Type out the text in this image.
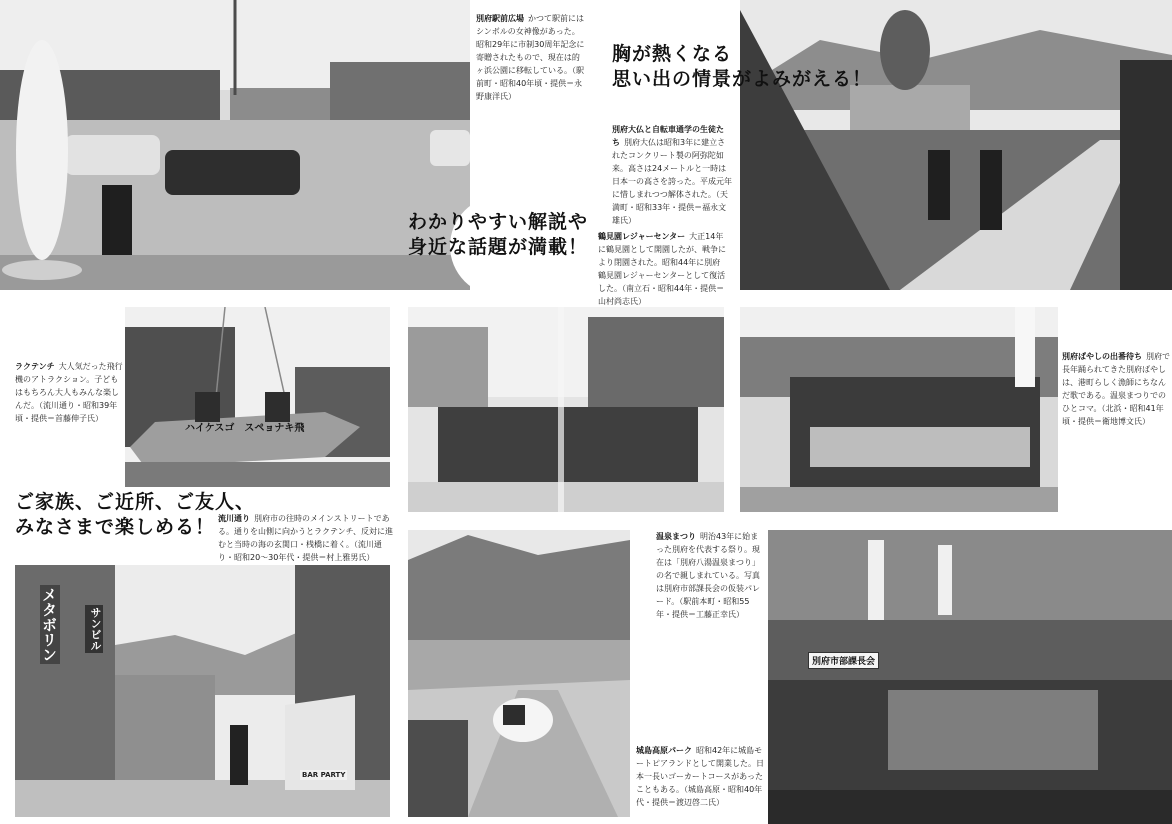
ハイケスゴ　スペョナキ飛
メタボリン	サンビル
BAR PARTY
別府市部課長会
胸が熱くなる
思い出の情景がよみがえる！
わかりやすい解説や
身近な話題が満載！
ご家族、ご近所、ご友人、
みなさまで楽しめる！
別府駅前広場 かつて駅前にはシンボルの女神像があった。昭和29年に市制30周年記念に寄贈されたもので、現在は的ヶ浜公園に移転している。（駅前町・昭和40年頃・提供＝永野康洋氏）
別府大仏と自転車通学の生徒たち 別府大仏は昭和3年に建立されたコンクリート製の阿弥陀如来。高さは24メートルと一時は日本一の高さを誇った。平成元年に惜しまれつつ解体された。（天満町・昭和33年・提供＝福永文雄氏）
鶴見園レジャーセンター 大正14年に鶴見園として開園したが、戦争により閉園された。昭和44年に別府鶴見園レジャーセンターとして復活した。（南立石・昭和44年・提供＝山村尚志氏）
ラクテンチ 大人気だった飛行機のアトラクション。子どもはもちろん大人もみんな楽しんだ。（流川通り・昭和39年頃・提供＝首藤伸子氏）
別府ばやしの出番待ち 別府で長年踊られてきた別府ばやしは、港町らしく漁師にちなんだ歌である。温泉まつりでのひとコマ。（北浜・昭和41年頃・提供＝衛地博文氏）
流川通り 別府市の往時のメインストリートである。通りを山側に向かうとラクテンチ、反対に進むと当時の海の玄関口・桟橋に着く。（流川通り・昭和20〜30年代・提供＝村上雅男氏）
温泉まつり 明治43年に始まった別府を代表する祭り。現在は「別府八湯温泉まつり」の名で親しまれている。写真は別府市部課長会の仮装パレード。（駅前本町・昭和55年・提供＝工藤正幸氏）
城島高原パーク 昭和42年に城島モートピアランドとして開業した。日本一長いゴーカートコースがあったこともある。（城島高原・昭和40年代・提供＝渡辺啓二氏）
